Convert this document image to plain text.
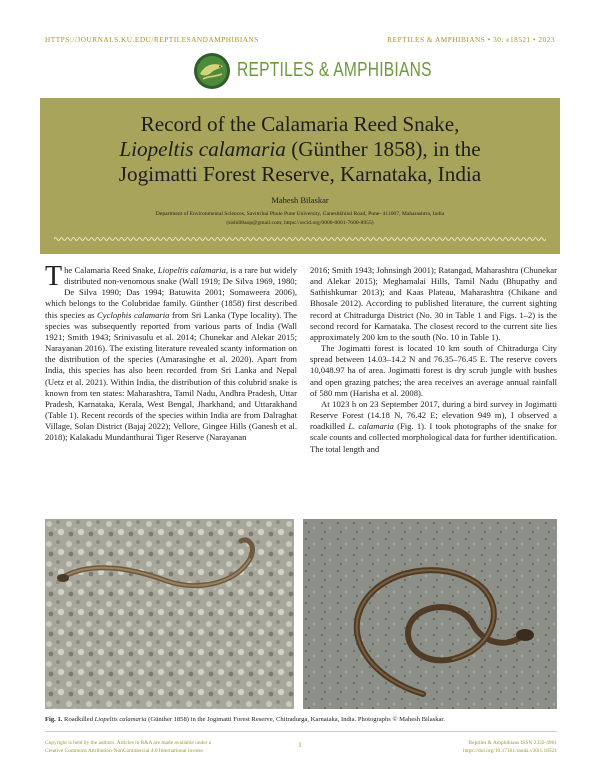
HTTPS://JOURNALS.KU.EDU/REPTILESANDAMPHIBIANS	REPTILES & AMPHIBIANS • 30: e18521 • 2023
REPTILES & AMPHIBIANS
Record of the Calamaria Reed Snake,
Liopeltis calamaria (Günther 1858), in the
Jogimatti Forest Reserve, Karnataka, India
Mahesh Bilaskar
Department of Environmental Sciences, Savitribai Phule Pune University, Ganeshkhind Road, Pune- 411007, Maharashtra, India
(sishi08aop@gmail.com; https://orcid.org/0000-0001-7600-8955)

The Calamaria Reed Snake, Liopeltis calamaria, is a rare but widely distributed non-venomous snake (Wall 1919; De Silva 1969, 1980; De Silva 1990; Das 1994; Batuwita 2001; Somaweera 2006), which belongs to the Colubridae family. Günther (1858) first described this species as Cyclophis calamaria from Sri Lanka (Type locality). The species was subsequently reported from various parts of India (Wall 1921; Smith 1943; Srinivasulu et al. 2014; Chunekar and Alekar 2015; Narayanan 2016). The existing literature revealed scanty information on the distribution of the species (Amarasinghe et al. 2020). Apart from India, this species has also been recorded from Sri Lanka and Nepal (Uetz et al. 2021). Within India, the distribution of this colubrid snake is known from ten states: Maharashtra, Tamil Nadu, Andhra Pradesh, Uttar Pradesh, Karnataka, Kerala, West Bengal, Jharkhand, and Uttarakhand (Table 1). Recent records of the species within India are from Dalraghat Village, Solan District (Bajaj 2022); Vellore, Gingee Hills (Ganesh et al. 2018); Kalakadu Mundanthurai Tiger Reserve (Narayanan

2016; Smith 1943; Johnsingh 2001); Ratangad, Maharashtra (Chunekar and Alekar 2015); Meghamalai Hills, Tamil Nadu (Bhupathy and Sathishkumar 2013); and Kaas Plateau, Maharashtra (Chikane and Bhosale 2012). According to published literature, the current sighting record at Chitradurga District (No. 30 in Table 1 and Figs. 1–2) is the second record for Karnataka. The closest record to the current site lies approximately 200 km to the south (No. 10 in Table 1).

The Jogimatti forest is located 10 km south of Chitradurga City spread between 14.03–14.2 N and 76.35–76.45 E. The reserve covers 10,048.97 ha of area. Jogimatti forest is dry scrub jungle with bushes and open grazing patches; the area receives an average annual rainfall of 580 mm (Harisha et al. 2008).

At 1023 h on 23 September 2017, during a bird survey in Jogimatti Reserve Forest (14.18 N, 76.42 E; elevation 949 m), I observed a roadkilled L. calamaria (Fig. 1). I took photographs of the snake for scale counts and collected morphological data for further identification. The total length and

Fig. 1. Roadkilled Liopeltis calamaria (Günther 1858) in the Jogimatti Forest Reserve, Chitradurga, Karnataka, India. Photographs © Mahesh Bilaskar.
Copyright is held by the authors. Articles in R&A are made available under a
Creative Commons Attribution-NonCommercial 4.0 International license.
1	Reptiles & Amphibians ISSN 2332-4961
https://doi.org/10.17161/randa.v30i1.18521
